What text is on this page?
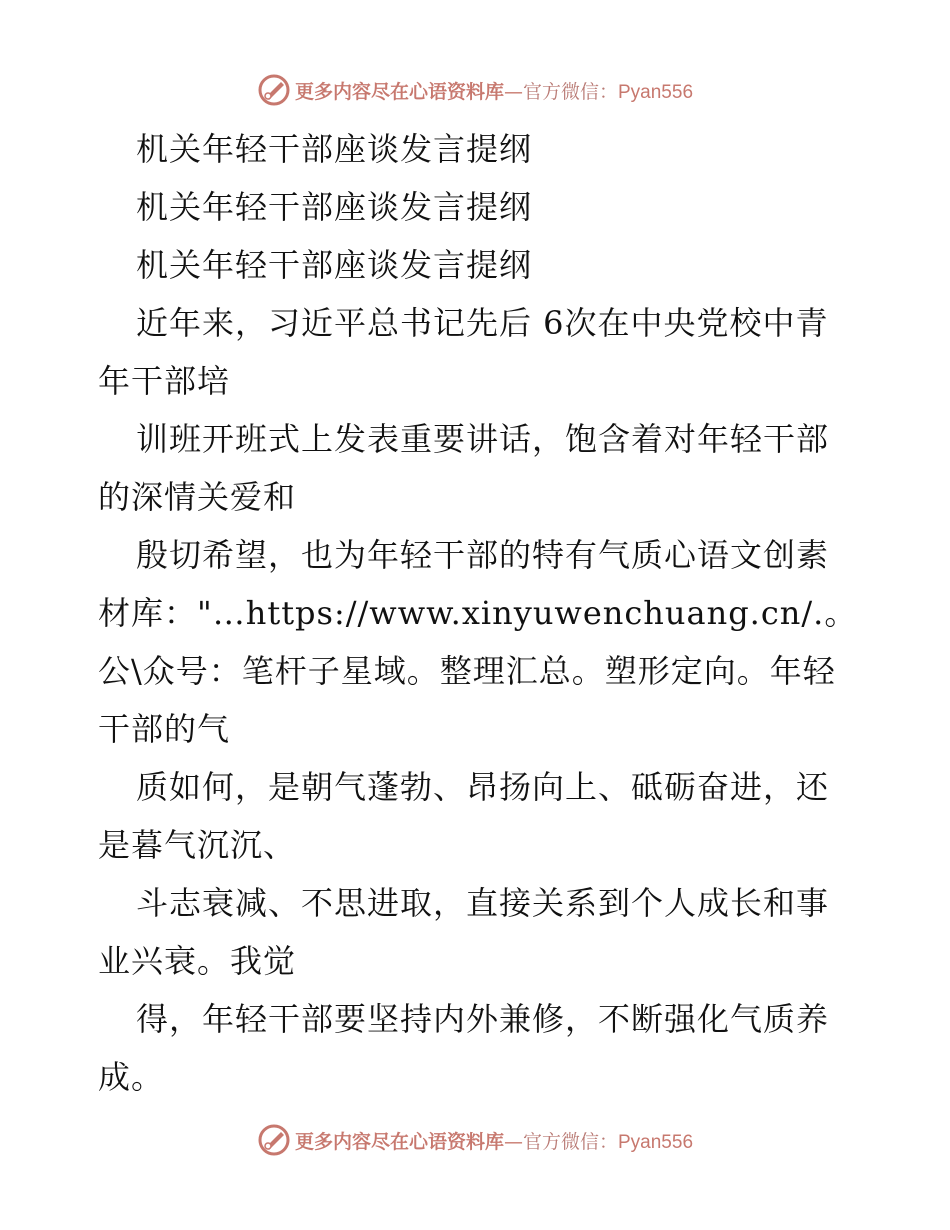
更多内容尽在心语资料库—官方微信：Pyan556

机关年轻干部座谈发言提纲

机关年轻干部座谈发言提纲

机关年轻干部座谈发言提纲

近年来，习近平总书记先后 6次在中央党校中青年干部培

训班开班式上发表重要讲话，饱含着对年轻干部的深情关爱和

殷切希望，也为年轻干部的特有气质心语文创素材库："…https://www.xinyuwenchuang.cn/.。公\众号：笔杆子星域。整理汇总。塑形定向。年轻干部的气

质如何，是朝气蓬勃、昂扬向上、砥砺奋进，还是暮气沉沉、

斗志衰减、不思进取，直接关系到个人成长和事业兴衰。我觉

得，年轻干部要坚持内外兼修，不断强化气质养成。

更多内容尽在心语资料库—官方微信：Pyan556
